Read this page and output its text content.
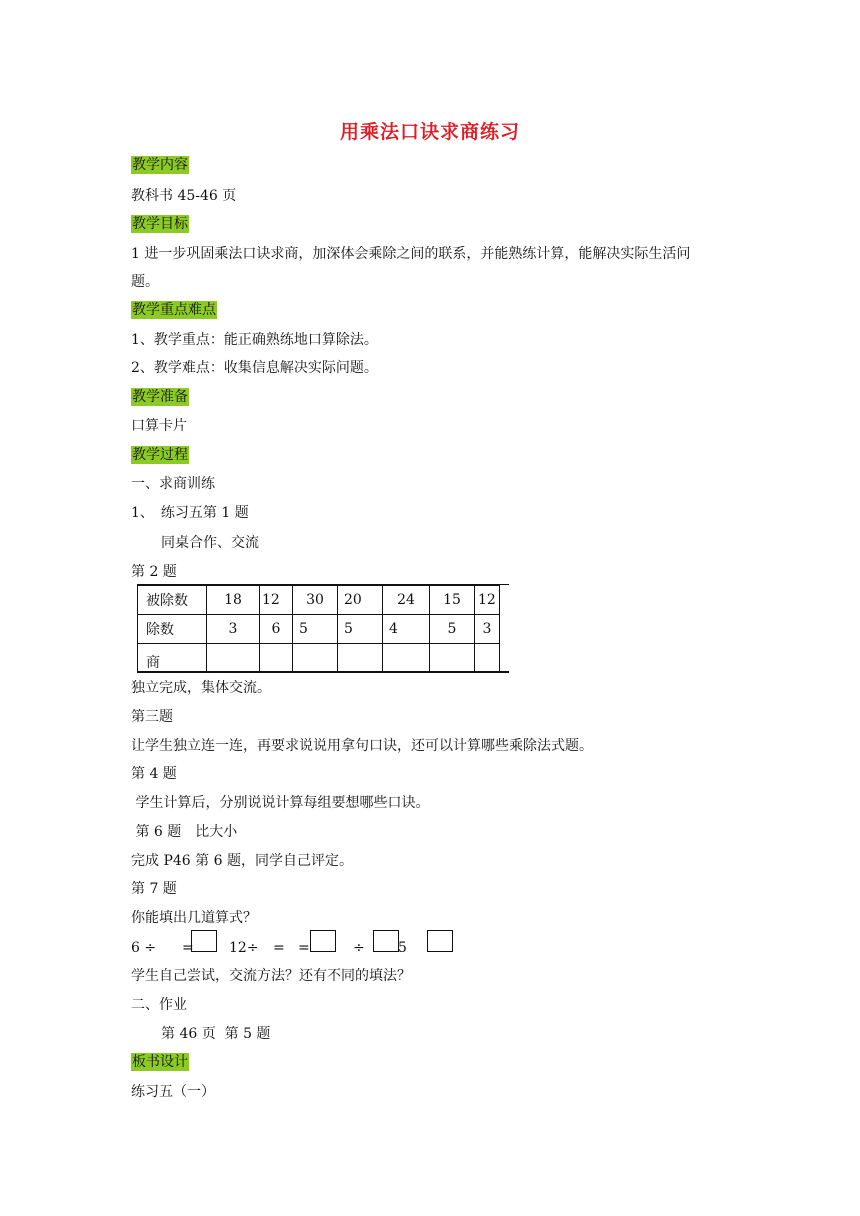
用乘法口诀求商练习
教学内容
教科书 45-46 页
教学目标
1 进一步巩固乘法口诀求商，加深体会乘除之间的联系，并能熟练计算，能解决实际生活问
题。
教学重点难点
1、教学重点：能正确熟练地口算除法。
2、教学难点：收集信息解决实际问题。
教学准备
口算卡片
教学过程
一、求商训练
1、　练习五第 1 题
同桌合作、交流
第 2 题
被除数	18	12	30	20	24	15	12
除数	3	6	5	5	4	5	3
商							
独立完成，集体交流。
第三题
让学生独立连一连，再要求说说用拿句口诀，还可以计算哪些乘除法式题。
第 4 题
学生计算后，分别说说计算每组要想哪些口诀。
第 6 题　比大小
完成 P46 第 6 题，同学自己评定。
第 7 题
你能填出几道算式？
6 ÷ =	12÷ = =	÷ 5
学生自己尝试，交流方法？还有不同的填法？
二、作业
第 46 页  第 5 题
板书设计
练习五（一）
